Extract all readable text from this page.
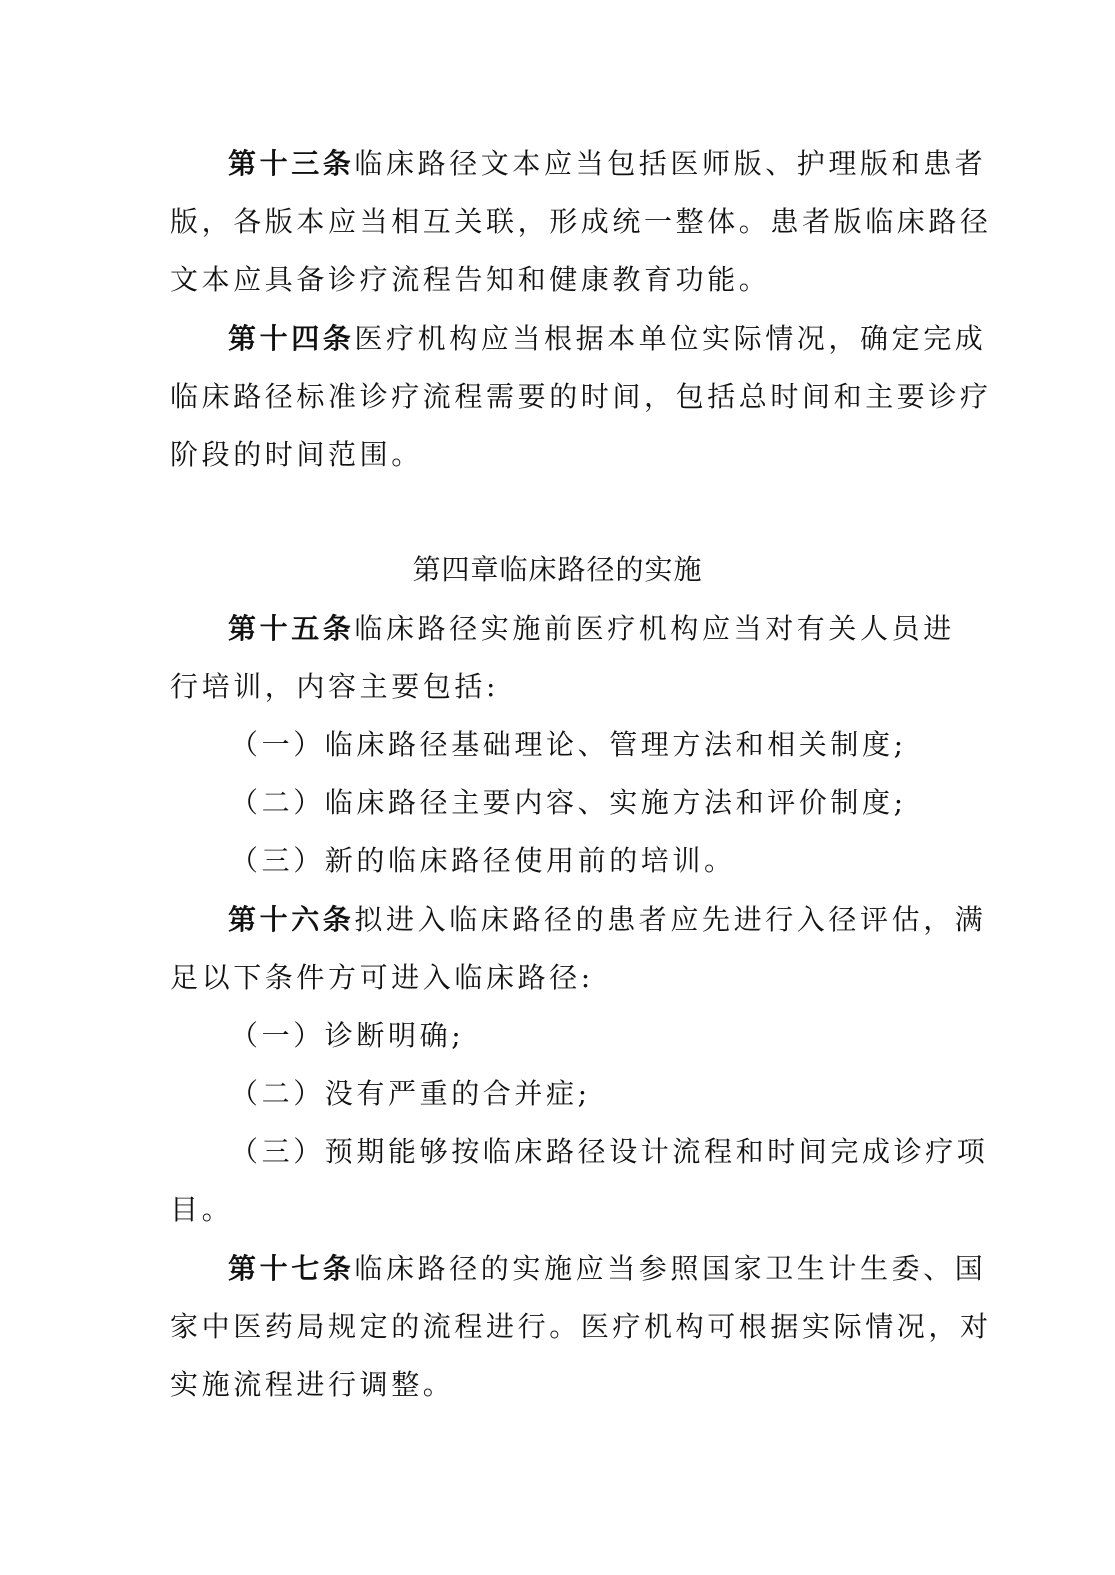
第十三条临床路径文本应当包括医师版、护理版和患者
版，各版本应当相互关联，形成统一整体。患者版临床路径
文本应具备诊疗流程告知和健康教育功能。
第十四条医疗机构应当根据本单位实际情况，确定完成
临床路径标准诊疗流程需要的时间，包括总时间和主要诊疗
阶段的时间范围。
第四章临床路径的实施
第十五条临床路径实施前医疗机构应当对有关人员进
行培训，内容主要包括:
（一）临床路径基础理论、管理方法和相关制度;
（二）临床路径主要内容、实施方法和评价制度;
（三）新的临床路径使用前的培训。
第十六条拟进入临床路径的患者应先进行入径评估，满
足以下条件方可进入临床路径:
（一）诊断明确;
（二）没有严重的合并症;
（三）预期能够按临床路径设计流程和时间完成诊疗项
目。
第十七条临床路径的实施应当参照国家卫生计生委、国
家中医药局规定的流程进行。医疗机构可根据实际情况，对
实施流程进行调整。
